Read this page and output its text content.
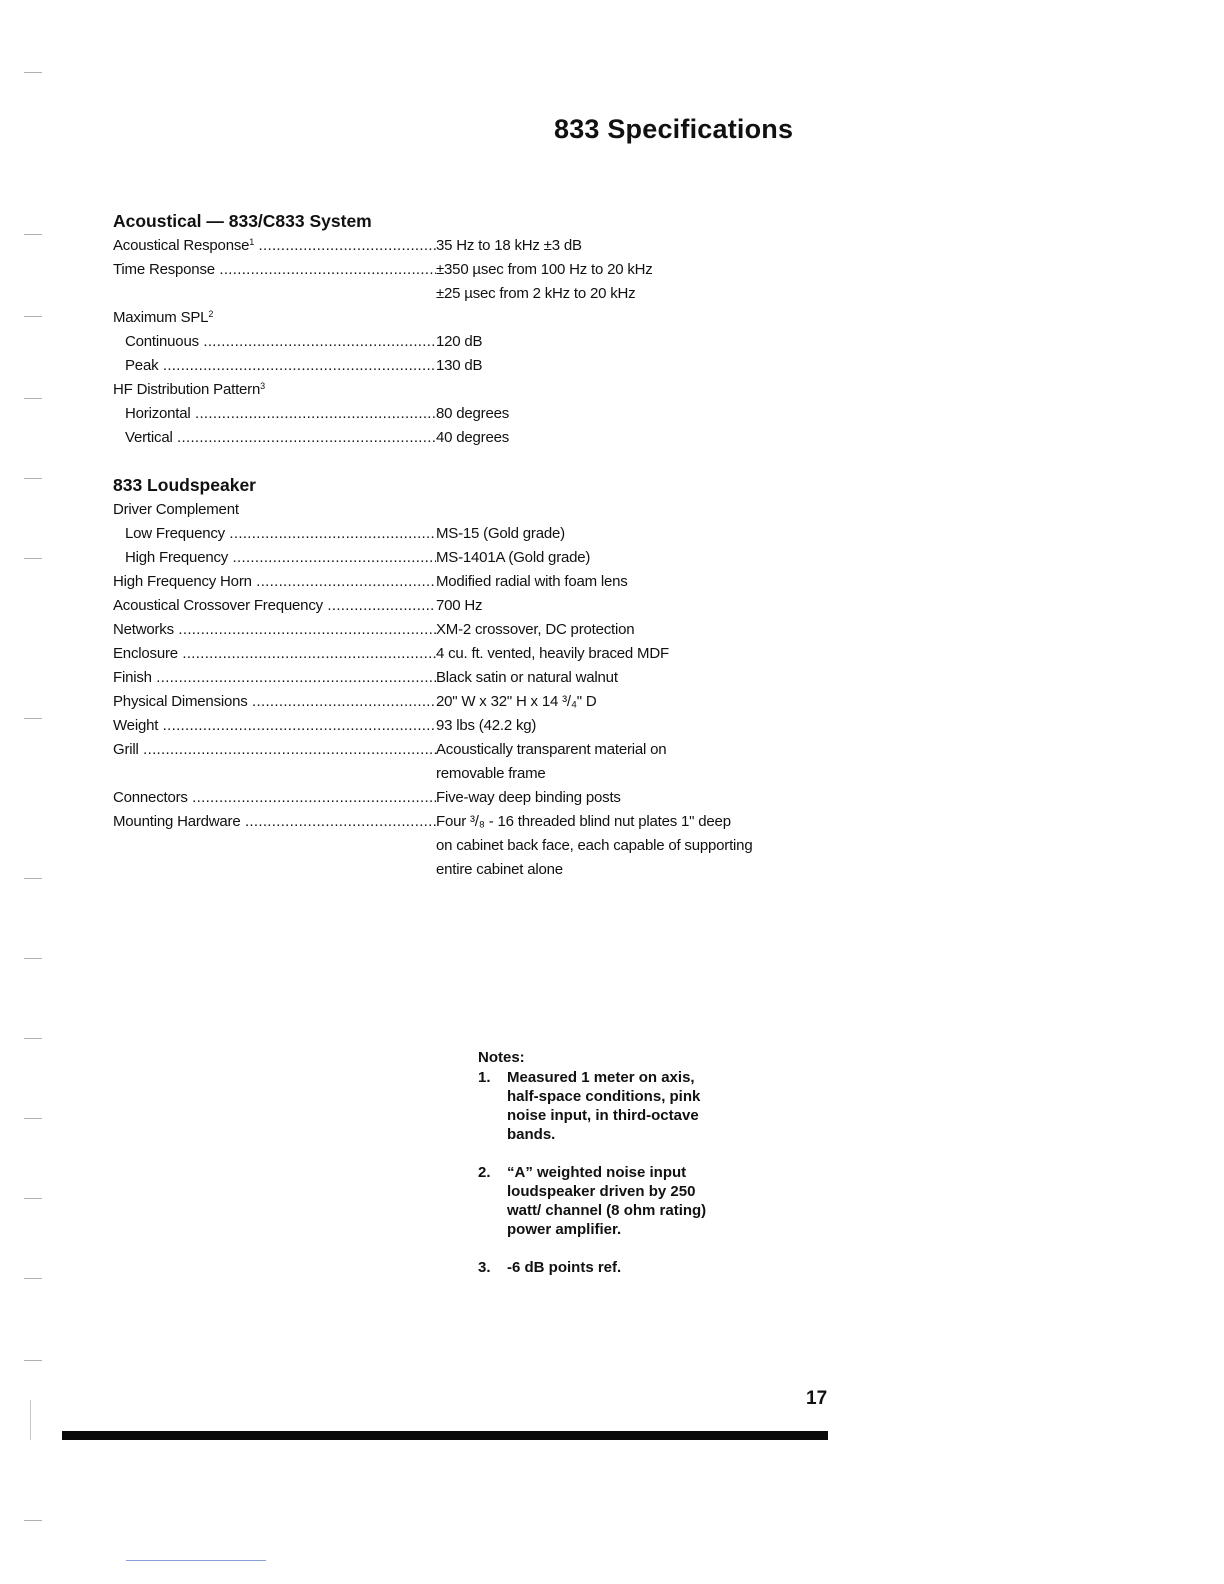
833 Specifications
Acoustical — 833/C833 System
Acoustical Response$^1$ .....	35 Hz to 18 kHz ±3 dB
Time Response .....	±350 µsec from 100 Hz to 20 kHz
±25 µsec from 2 kHz to 20 kHz
Maximum SPL$^2$
Continuous .....	120 dB
Peak .....	130 dB
HF Distribution Pattern$^3$
Horizontal .....	80 degrees
Vertical .....	40 degrees
833 Loudspeaker
Driver Complement
Low Frequency .....	MS-15 (Gold grade)
High Frequency .....	MS-1401A (Gold grade)
High Frequency Horn .....	Modified radial with foam lens
Acoustical Crossover Frequency .....	700 Hz
Networks .....	XM-2 crossover, DC protection
Enclosure .....	4 cu. ft. vented, heavily braced MDF
Finish .....	Black satin or natural walnut
Physical Dimensions .....	20" W x 32" H x 14 ³/₄" D
Weight .....	93 lbs (42.2 kg)
Grill .....	Acoustically transparent material on
removable frame
Connectors .....	Five-way deep binding posts
Mounting Hardware .....	Four ³/₈ - 16 threaded blind nut plates 1" deep
on cabinet back face, each capable of supporting
entire cabinet alone
Notes:
1. Measured 1 meter on axis, half-space conditions, pink noise input, in third-octave bands.
2. “A” weighted noise input loudspeaker driven by 250 watt/ channel (8 ohm rating) power amplifier.
3. -6 dB points ref.
17
